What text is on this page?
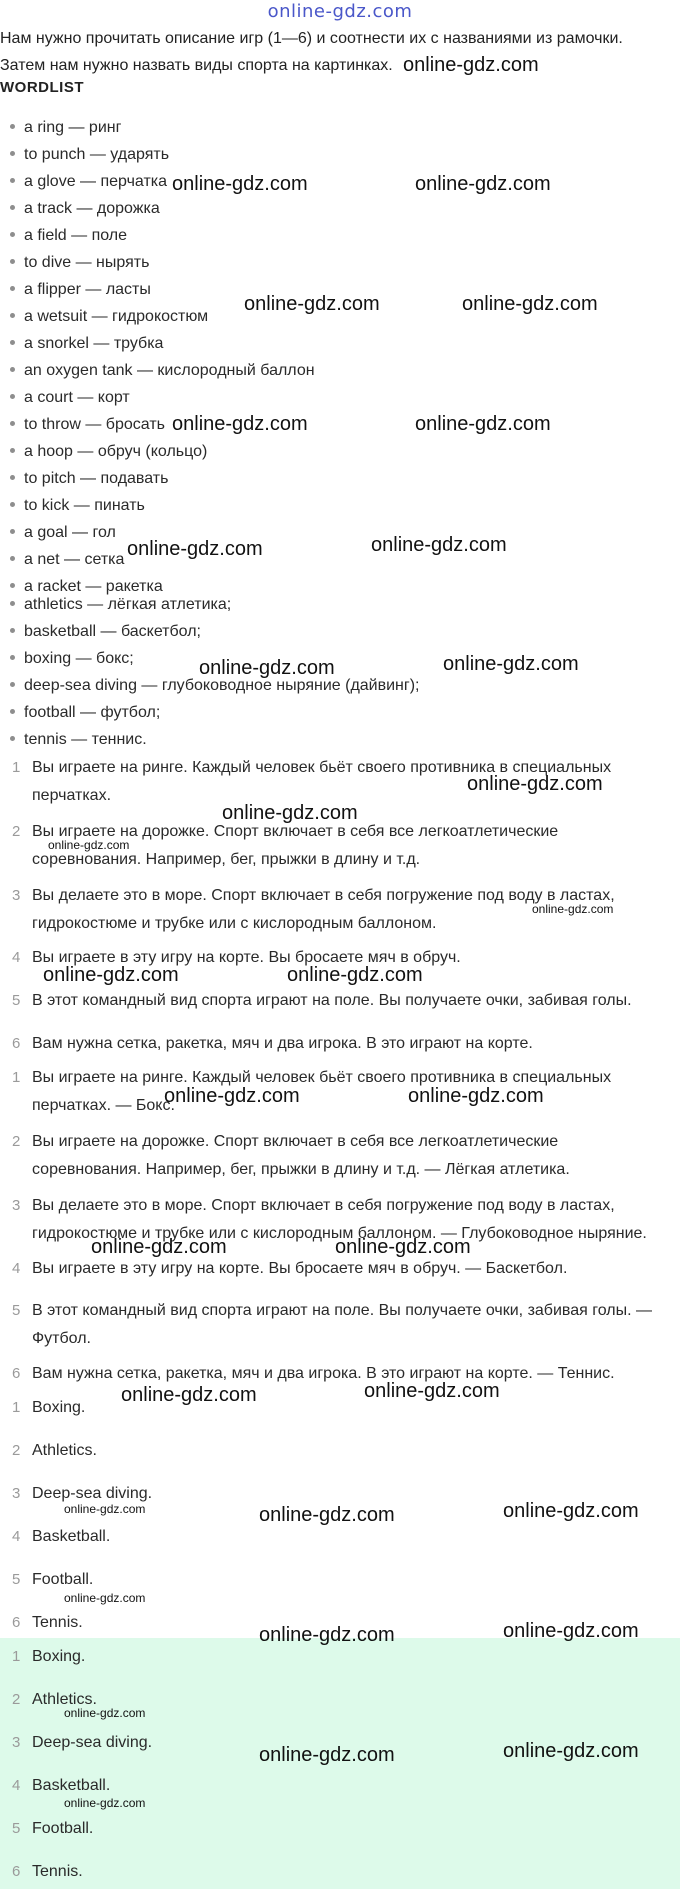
online-gdz.com
Нам нужно прочитать описание игр (1—6) и соотнести их с названиями из рамочки.
Затем нам нужно назвать виды спорта на картинках.
WORDLIST
a ring — ринг
to punch — ударять
a glove — перчатка
a track — дорожка
a field — поле
to dive — нырять
a flipper — ласты
a wetsuit — гидрокостюм
a snorkel — трубка
an oxygen tank — кислородный баллон
a court — корт
to throw — бросать
a hoop — обруч (кольцо)
to pitch — подавать
to kick — пинать
a goal — гол
a net — сетка
a racket — ракетка
athletics — лёгкая атлетика;
basketball — баскетбол;
boxing — бокс;
deep-sea diving — глубоководное ныряние (дайвинг);
football — футбол;
tennis — теннис.
1 Вы играете на ринге. Каждый человек бьёт своего противника в специальных
перчатках.
2 Вы играете на дорожке. Спорт включает в себя все легкоатлетические
соревнования. Например, бег, прыжки в длину и т.д.
3 Вы делаете это в море. Спорт включает в себя погружение под воду в ластах,
гидрокостюме и трубке или с кислородным баллоном.
4 Вы играете в эту игру на корте. Вы бросаете мяч в обруч.
5 В этот командный вид спорта играют на поле. Вы получаете очки, забивая голы.
6 Вам нужна сетка, ракетка, мяч и два игрока. В это играют на корте.
1 Вы играете на ринге. Каждый человек бьёт своего противника в специальных
перчатках. — Бокс.
2 Вы играете на дорожке. Спорт включает в себя все легкоатлетические
соревнования. Например, бег, прыжки в длину и т.д. — Лёгкая атлетика.
3 Вы делаете это в море. Спорт включает в себя погружение под воду в ластах,
гидрокостюме и трубке или с кислородным баллоном. — Глубоководное ныряние.
4 Вы играете в эту игру на корте. Вы бросаете мяч в обруч. — Баскетбол.
5 В этот командный вид спорта играют на поле. Вы получаете очки, забивая голы. —
Футбол.
6 Вам нужна сетка, ракетка, мяч и два игрока. В это играют на корте. — Теннис.
1 Boxing.
2 Athletics.
3 Deep-sea diving.
4 Basketball.
5 Football.
6 Tennis.
1 Boxing.
2 Athletics.
3 Deep-sea diving.
4 Basketball.
5 Football.
6 Tennis.
online-gdz.com
online-gdz.com	online-gdz.com
online-gdz.com	online-gdz.com
online-gdz.com	online-gdz.com
online-gdz.com	online-gdz.com
online-gdz.com	online-gdz.com
online-gdz.com
online-gdz.com
online-gdz.com
online-gdz.com
online-gdz.com	online-gdz.com
online-gdz.com	online-gdz.com
online-gdz.com	online-gdz.com
online-gdz.com	online-gdz.com
online-gdz.com	online-gdz.com	online-gdz.com
online-gdz.com
online-gdz.com	online-gdz.com
online-gdz.com
online-gdz.com	online-gdz.com
online-gdz.com
